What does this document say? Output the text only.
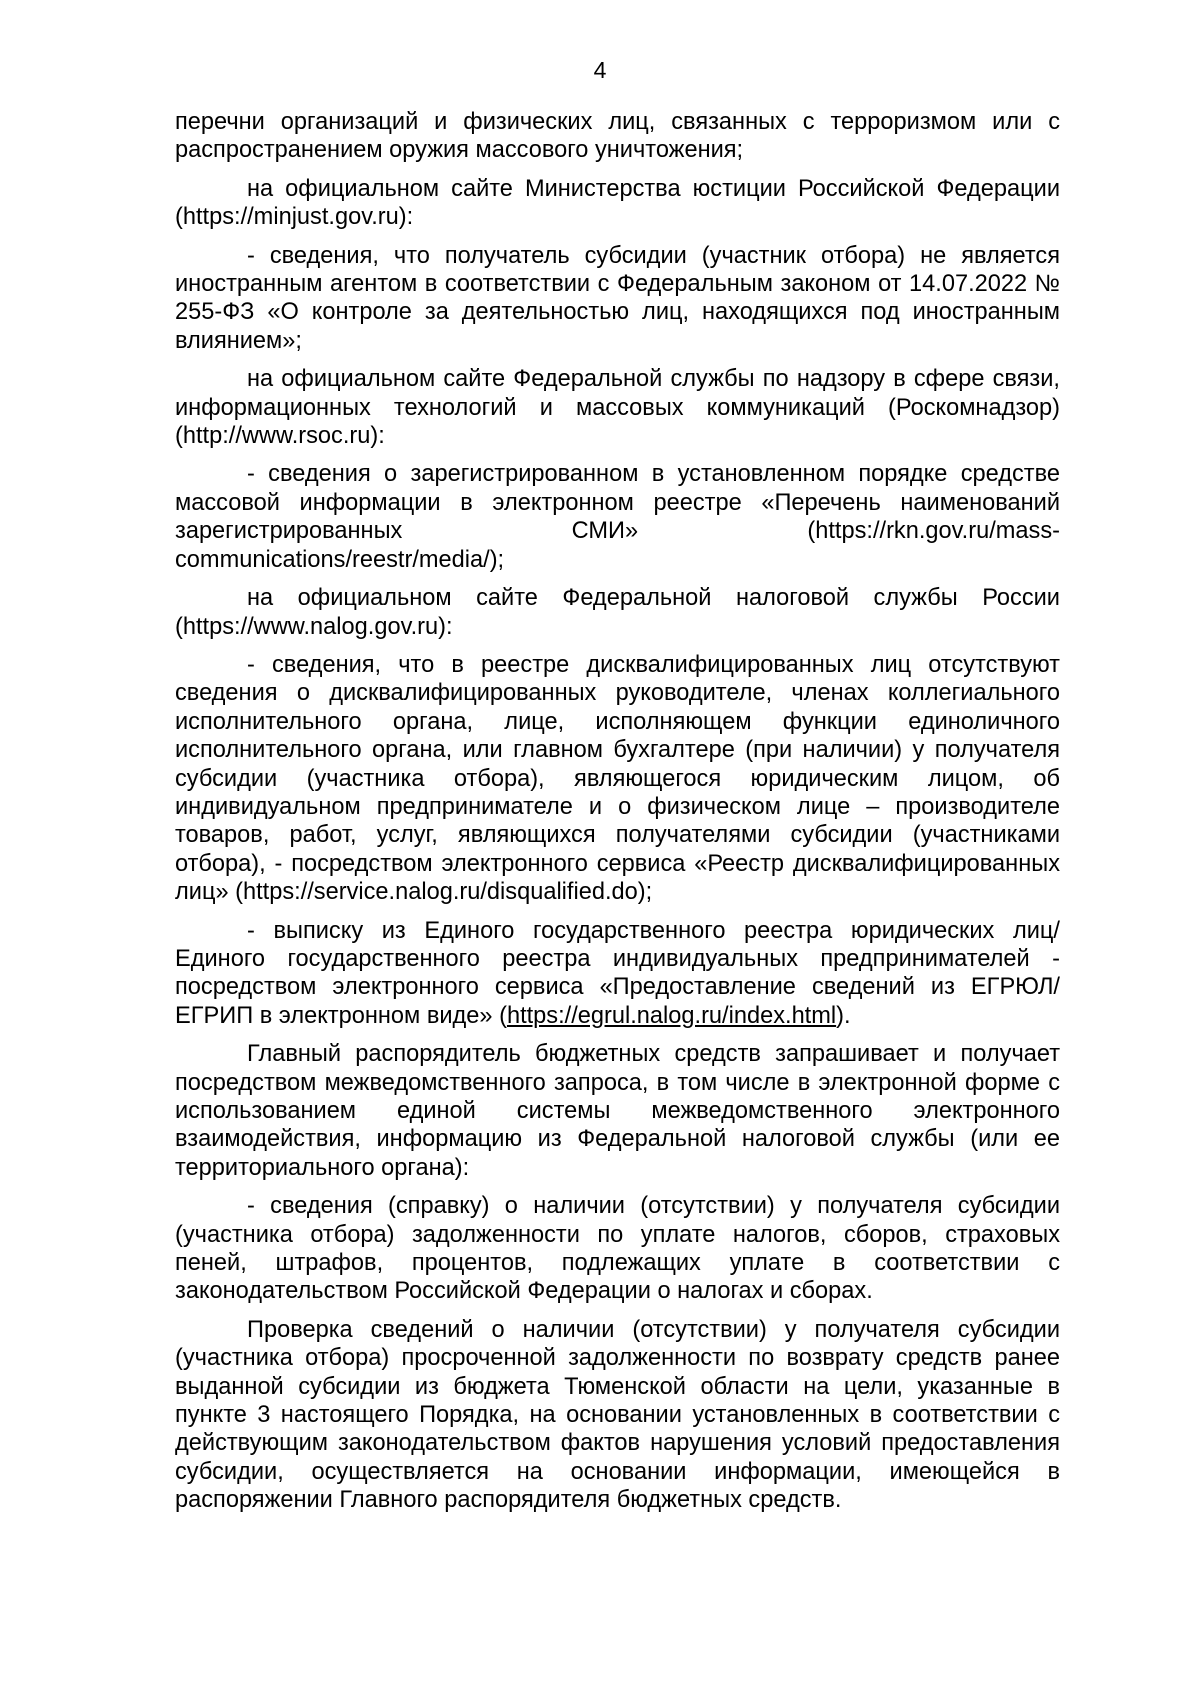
4

перечни организаций и физических лиц, связанных с терроризмом или с распространением оружия массового уничтожения;

на официальном сайте Министерства юстиции Российской Федерации (https://minjust.gov.ru):

- сведения, что получатель субсидии (участник отбора) не является иностранным агентом в соответствии с Федеральным законом от 14.07.2022 № 255-ФЗ «О контроле за деятельностью лиц, находящихся под иностранным влиянием»;

на официальном сайте Федеральной службы по надзору в сфере связи, информационных технологий и массовых коммуникаций (Роскомнадзор) (http://www.rsoc.ru):

- сведения о зарегистрированном в установленном порядке средстве массовой информации в электронном реестре «Перечень наименований зарегистрированных СМИ» (https://rkn.gov.ru/mass-communications/reestr/media/);

на официальном сайте Федеральной налоговой службы России (https://www.nalog.gov.ru):

- сведения, что в реестре дисквалифицированных лиц отсутствуют сведения о дисквалифицированных руководителе, членах коллегиального исполнительного органа, лице, исполняющем функции единоличного исполнительного органа, или главном бухгалтере (при наличии) у получателя субсидии (участника отбора), являющегося юридическим лицом, об индивидуальном предпринимателе и о физическом лице – производителе товаров, работ, услуг, являющихся получателями субсидии (участниками отбора), - посредством электронного сервиса «Реестр дисквалифицированных лиц» (https://service.nalog.ru/disqualified.do);

- выписку из Единого государственного реестра юридических лиц/Единого государственного реестра индивидуальных предпринимателей - посредством электронного сервиса «Предоставление сведений из ЕГРЮЛ/ЕГРИП в электронном виде» (https://egrul.nalog.ru/index.html).

Главный распорядитель бюджетных средств запрашивает и получает посредством межведомственного запроса, в том числе в электронной форме с использованием единой системы межведомственного электронного взаимодействия, информацию из Федеральной налоговой службы (или ее территориального органа):

- сведения (справку) о наличии (отсутствии) у получателя субсидии (участника отбора) задолженности по уплате налогов, сборов, страховых пеней, штрафов, процентов, подлежащих уплате в соответствии с законодательством Российской Федерации о налогах и сборах.

Проверка сведений о наличии (отсутствии) у получателя субсидии (участника отбора) просроченной задолженности по возврату средств ранее выданной субсидии из бюджета Тюменской области на цели, указанные в пункте 3 настоящего Порядка, на основании установленных в соответствии с действующим законодательством фактов нарушения условий предоставления субсидии, осуществляется на основании информации, имеющейся в распоряжении Главного распорядителя бюджетных средств.
